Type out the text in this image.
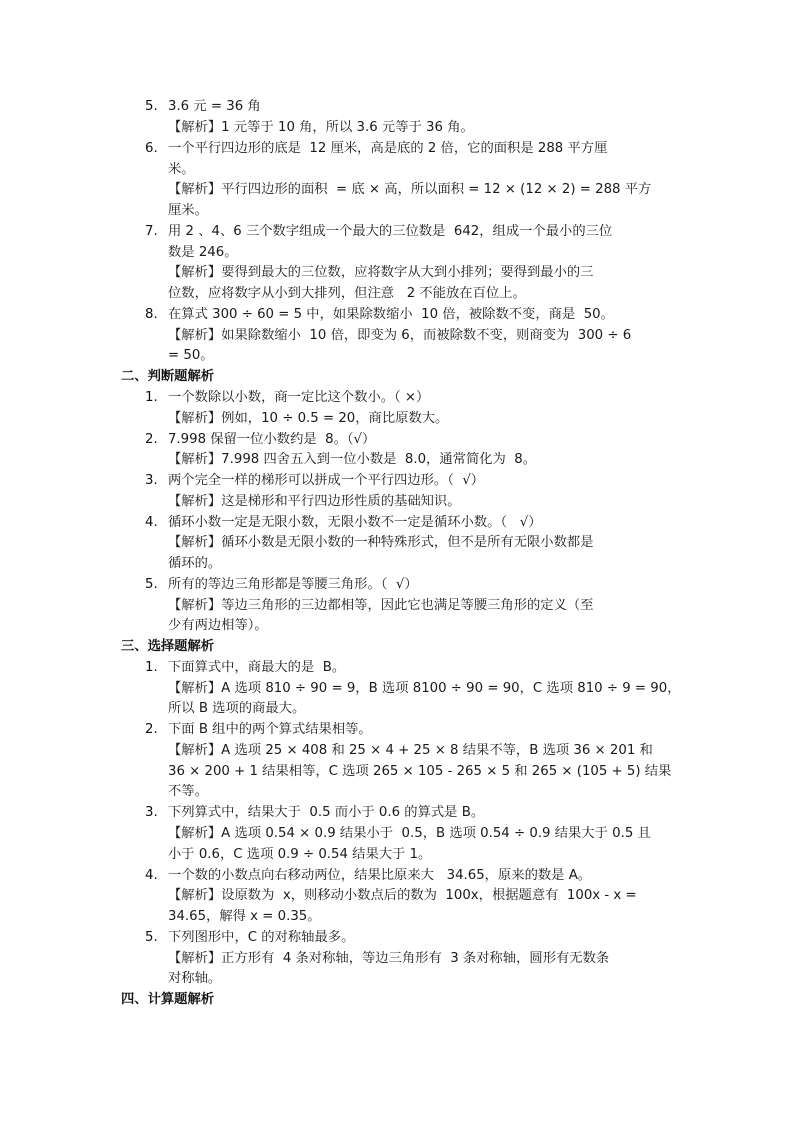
5. 3.6 元 = 36 角
【解析】1 元等于 10 角，所以 3.6 元等于 36 角。
6. 一个平行四边形的底是  12 厘米，高是底的 2 倍，它的面积是 288 平方厘
米。
【解析】平行四边形的面积  = 底 × 高，所以面积 = 12 × (12 × 2) = 288 平方
厘米。
7. 用 2 、4、6 三个数字组成一个最大的三位数是  642，组成一个最小的三位
数是 246。
【解析】要得到最大的三位数，应将数字从大到小排列；要得到最小的三
位数，应将数字从小到大排列，但注意   2 不能放在百位上。
8. 在算式 300 ÷ 60 = 5 中，如果除数缩小  10 倍，被除数不变，商是  50。
【解析】如果除数缩小  10 倍，即变为 6，而被除数不变，则商变为  300 ÷ 6
= 50。
二、判断题解析
1. 一个数除以小数，商一定比这个数小。（ ×）
【解析】例如，10 ÷ 0.5 = 20，商比原数大。
2. 7.998 保留一位小数约是  8。（√）
【解析】7.998 四舍五入到一位小数是  8.0，通常简化为  8。
3. 两个完全一样的梯形可以拼成一个平行四边形。（  √）
【解析】这是梯形和平行四边形性质的基础知识。
4. 循环小数一定是无限小数，无限小数不一定是循环小数。（   √）
【解析】循环小数是无限小数的一种特殊形式，但不是所有无限小数都是
循环的。
5. 所有的等边三角形都是等腰三角形。（  √）
【解析】等边三角形的三边都相等，因此它也满足等腰三角形的定义（至
少有两边相等）。
三、选择题解析
1. 下面算式中，商最大的是  B。
【解析】A 选项 810 ÷ 90 = 9，B 选项 8100 ÷ 90 = 90，C 选项 810 ÷ 9 = 90，
所以 B 选项的商最大。
2. 下面 B 组中的两个算式结果相等。
【解析】A 选项 25 × 408 和 25 × 4 + 25 × 8 结果不等，B 选项 36 × 201 和
36 × 200 + 1 结果相等，C 选项 265 × 105 - 265 × 5 和 265 × (105 + 5) 结果
不等。
3. 下列算式中，结果大于  0.5 而小于 0.6 的算式是 B。
【解析】A 选项 0.54 × 0.9 结果小于  0.5，B 选项 0.54 ÷ 0.9 结果大于 0.5 且
小于 0.6，C 选项 0.9 ÷ 0.54 结果大于 1。
4. 一个数的小数点向右移动两位，结果比原来大   34.65，原来的数是 A。
【解析】设原数为  x，则移动小数点后的数为  100x，根据题意有  100x - x =
34.65，解得 x = 0.35。
5. 下列图形中，C 的对称轴最多。
【解析】正方形有  4 条对称轴，等边三角形有  3 条对称轴，圆形有无数条
对称轴。
四、计算题解析
